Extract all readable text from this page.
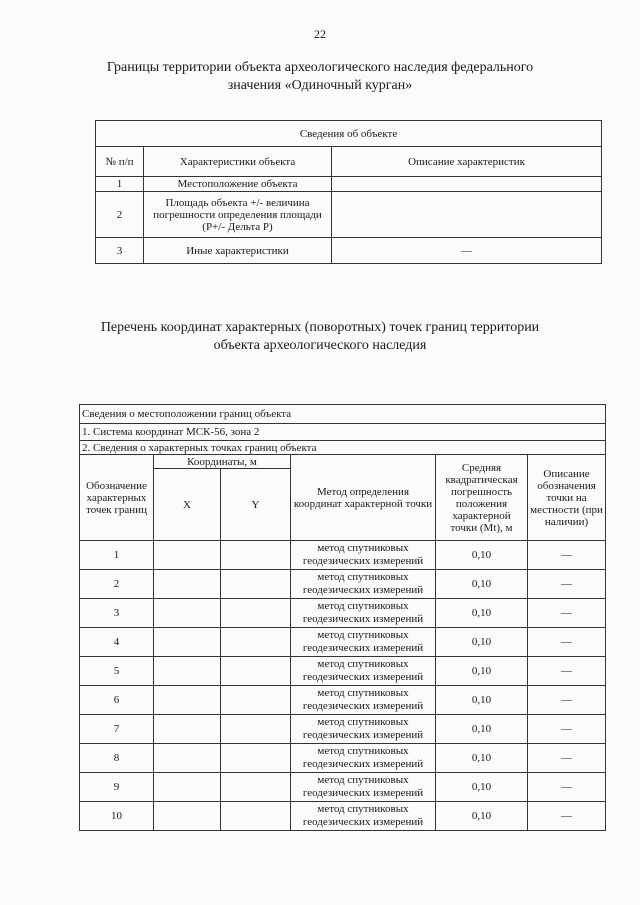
22
Границы территории объекта археологического наследия федерального
значения «Одиночный курган»
Сведения об объекте		
№ п/п	Характеристики объекта	Описание характеристик
1	Местоположение объекта	
2	Площадь объекта +/- величина погрешности определения площади (Р+/- Дельта Р)	
3	Иные характеристики	—
Перечень координат характерных (поворотных) точек границ территории
объекта археологического наследия
Сведения о местоположении границ объекта					
1. Система координат МСК-56, зона 2					
2. Сведения о характерных точках границ объекта					
Обозначение характерных точек границ	Координаты, м		Метод определения координат характерной точки	Средняя квадратическая погрешность положения характерной точки (Mt), м	Описание обозначения точки на местности (при наличии)
	X	Y			
1			метод спутниковых геодезических измерений	0,10	—
2			метод спутниковых геодезических измерений	0,10	—
3			метод спутниковых геодезических измерений	0,10	—
4			метод спутниковых геодезических измерений	0,10	—
5			метод спутниковых геодезических измерений	0,10	—
6			метод спутниковых геодезических измерений	0,10	—
7			метод спутниковых геодезических измерений	0,10	—
8			метод спутниковых геодезических измерений	0,10	—
9			метод спутниковых геодезических измерений	0,10	—
10			метод спутниковых геодезических измерений	0,10	—
